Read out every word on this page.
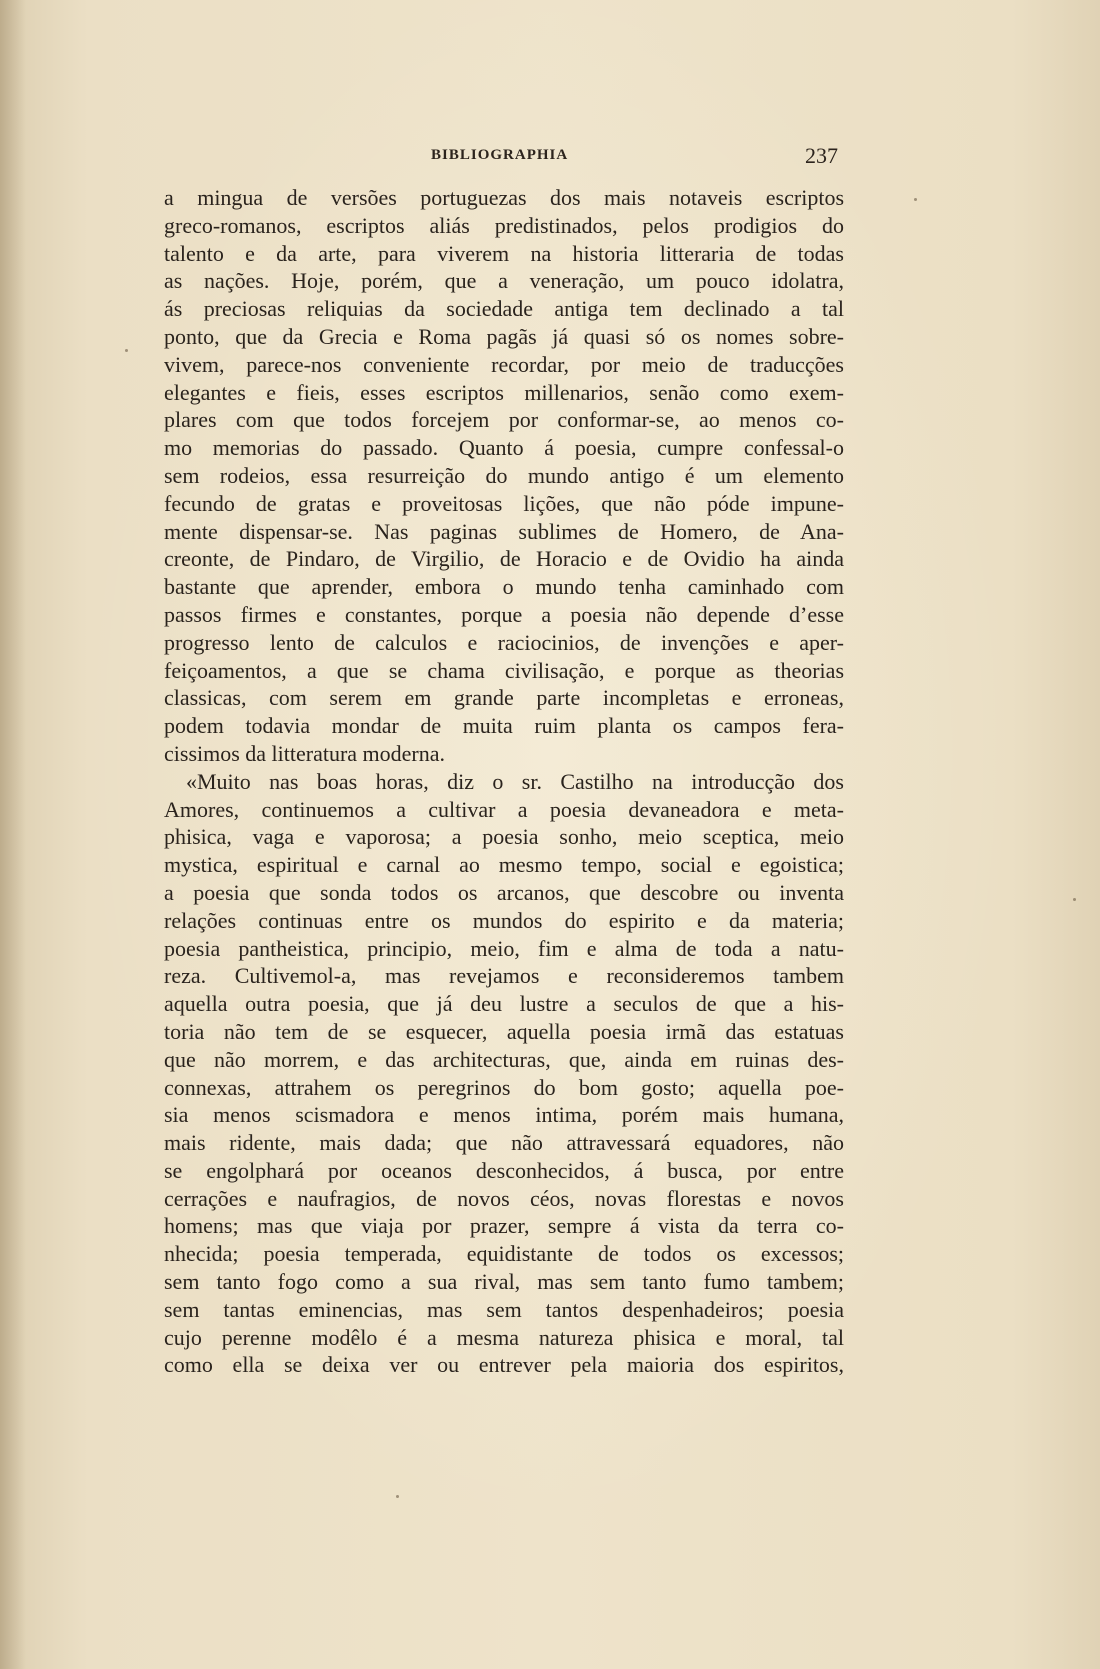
BIBLIOGRAPHIA	237
a mingua de versões portuguezas dos mais notaveis escriptos
greco-romanos, escriptos aliás predistinados, pelos prodigios do
talento e da arte, para viverem na historia litteraria de todas
as nações. Hoje, porém, que a veneração, um pouco idolatra,
ás preciosas reliquias da sociedade antiga tem declinado a tal
ponto, que da Grecia e Roma pagãs já quasi só os nomes sobre-
vivem, parece-nos conveniente recordar, por meio de traducções
elegantes e fieis, esses escriptos millenarios, senão como exem-
plares com que todos forcejem por conformar-se, ao menos co-
mo memorias do passado. Quanto á poesia, cumpre confessal-o
sem rodeios, essa resurreição do mundo antigo é um elemento
fecundo de gratas e proveitosas lições, que não póde impune-
mente dispensar-se. Nas paginas sublimes de Homero, de Ana-
creonte, de Pindaro, de Virgilio, de Horacio e de Ovidio ha ainda
bastante que aprender, embora o mundo tenha caminhado com
passos firmes e constantes, porque a poesia não depende d’esse
progresso lento de calculos e raciocinios, de invenções e aper-
feiçoamentos, a que se chama civilisação, e porque as theorias
classicas, com serem em grande parte incompletas e erroneas,
podem todavia mondar de muita ruim planta os campos fera-
cissimos da litteratura moderna.
«Muito nas boas horas, diz o sr. Castilho na introducção dos
Amores, continuemos a cultivar a poesia devaneadora e meta-
phisica, vaga e vaporosa; a poesia sonho, meio sceptica, meio
mystica, espiritual e carnal ao mesmo tempo, social e egoistica;
a poesia que sonda todos os arcanos, que descobre ou inventa
relações continuas entre os mundos do espirito e da materia;
poesia pantheistica, principio, meio, fim e alma de toda a natu-
reza. Cultivemol-a, mas revejamos e reconsideremos tambem
aquella outra poesia, que já deu lustre a seculos de que a his-
toria não tem de se esquecer, aquella poesia irmã das estatuas
que não morrem, e das architecturas, que, ainda em ruinas des-
connexas, attrahem os peregrinos do bom gosto; aquella poe-
sia menos scismadora e menos intima, porém mais humana,
mais ridente, mais dada; que não attravessará equadores, não
se engolphará por oceanos desconhecidos, á busca, por entre
cerrações e naufragios, de novos céos, novas florestas e novos
homens; mas que viaja por prazer, sempre á vista da terra co-
nhecida; poesia temperada, equidistante de todos os excessos;
sem tanto fogo como a sua rival, mas sem tanto fumo tambem;
sem tantas eminencias, mas sem tantos despenhadeiros; poesia
cujo perenne modêlo é a mesma natureza phisica e moral, tal
como ella se deixa ver ou entrever pela maioria dos espiritos,
